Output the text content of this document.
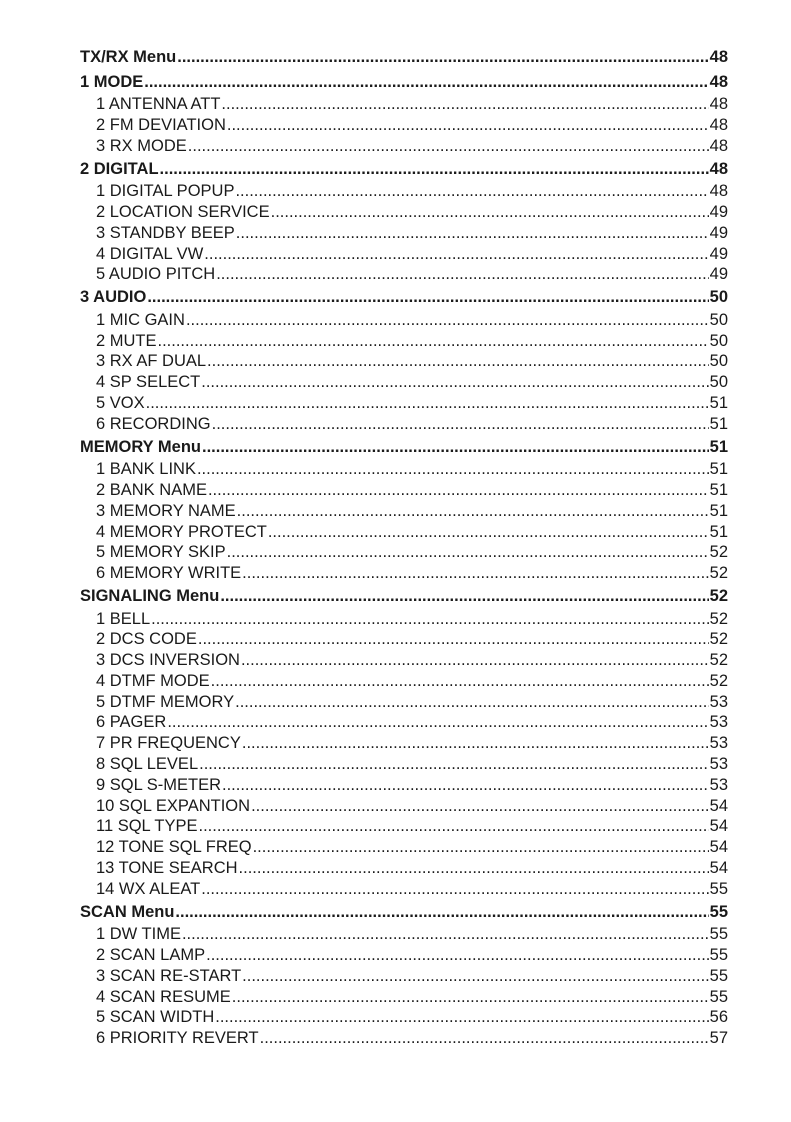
TX/RX Menu .....	48
1 MODE .....	48
1 ANTENNA ATT .....	48
2 FM DEVIATION .....	48
3 RX MODE .....	48
2 DIGITAL .....	48
1 DIGITAL POPUP .....	48
2 LOCATION SERVICE .....	49
3 STANDBY BEEP .....	49
4 DIGITAL VW .....	49
5 AUDIO PITCH .....	49
3 AUDIO .....	50
1 MIC GAIN .....	50
2 MUTE .....	50
3 RX AF DUAL .....	50
4 SP SELECT .....	50
5 VOX .....	51
6 RECORDING .....	51
MEMORY Menu .....	51
1 BANK LINK .....	51
2 BANK NAME .....	51
3 MEMORY NAME .....	51
4 MEMORY PROTECT .....	51
5 MEMORY SKIP .....	52
6 MEMORY WRITE .....	52
SIGNALING Menu .....	52
1 BELL .....	52
2 DCS CODE .....	52
3 DCS INVERSION .....	52
4 DTMF MODE .....	52
5 DTMF MEMORY .....	53
6 PAGER .....	53
7 PR FREQUENCY .....	53
8 SQL LEVEL .....	53
9 SQL S-METER .....	53
10 SQL EXPANTION .....	54
11 SQL TYPE .....	54
12 TONE SQL FREQ .....	54
13 TONE SEARCH .....	54
14 WX ALEAT .....	55
SCAN Menu .....	55
1 DW TIME .....	55
2 SCAN LAMP .....	55
3 SCAN RE-START .....	55
4 SCAN RESUME .....	55
5 SCAN WIDTH .....	56
6 PRIORITY REVERT .....	57
